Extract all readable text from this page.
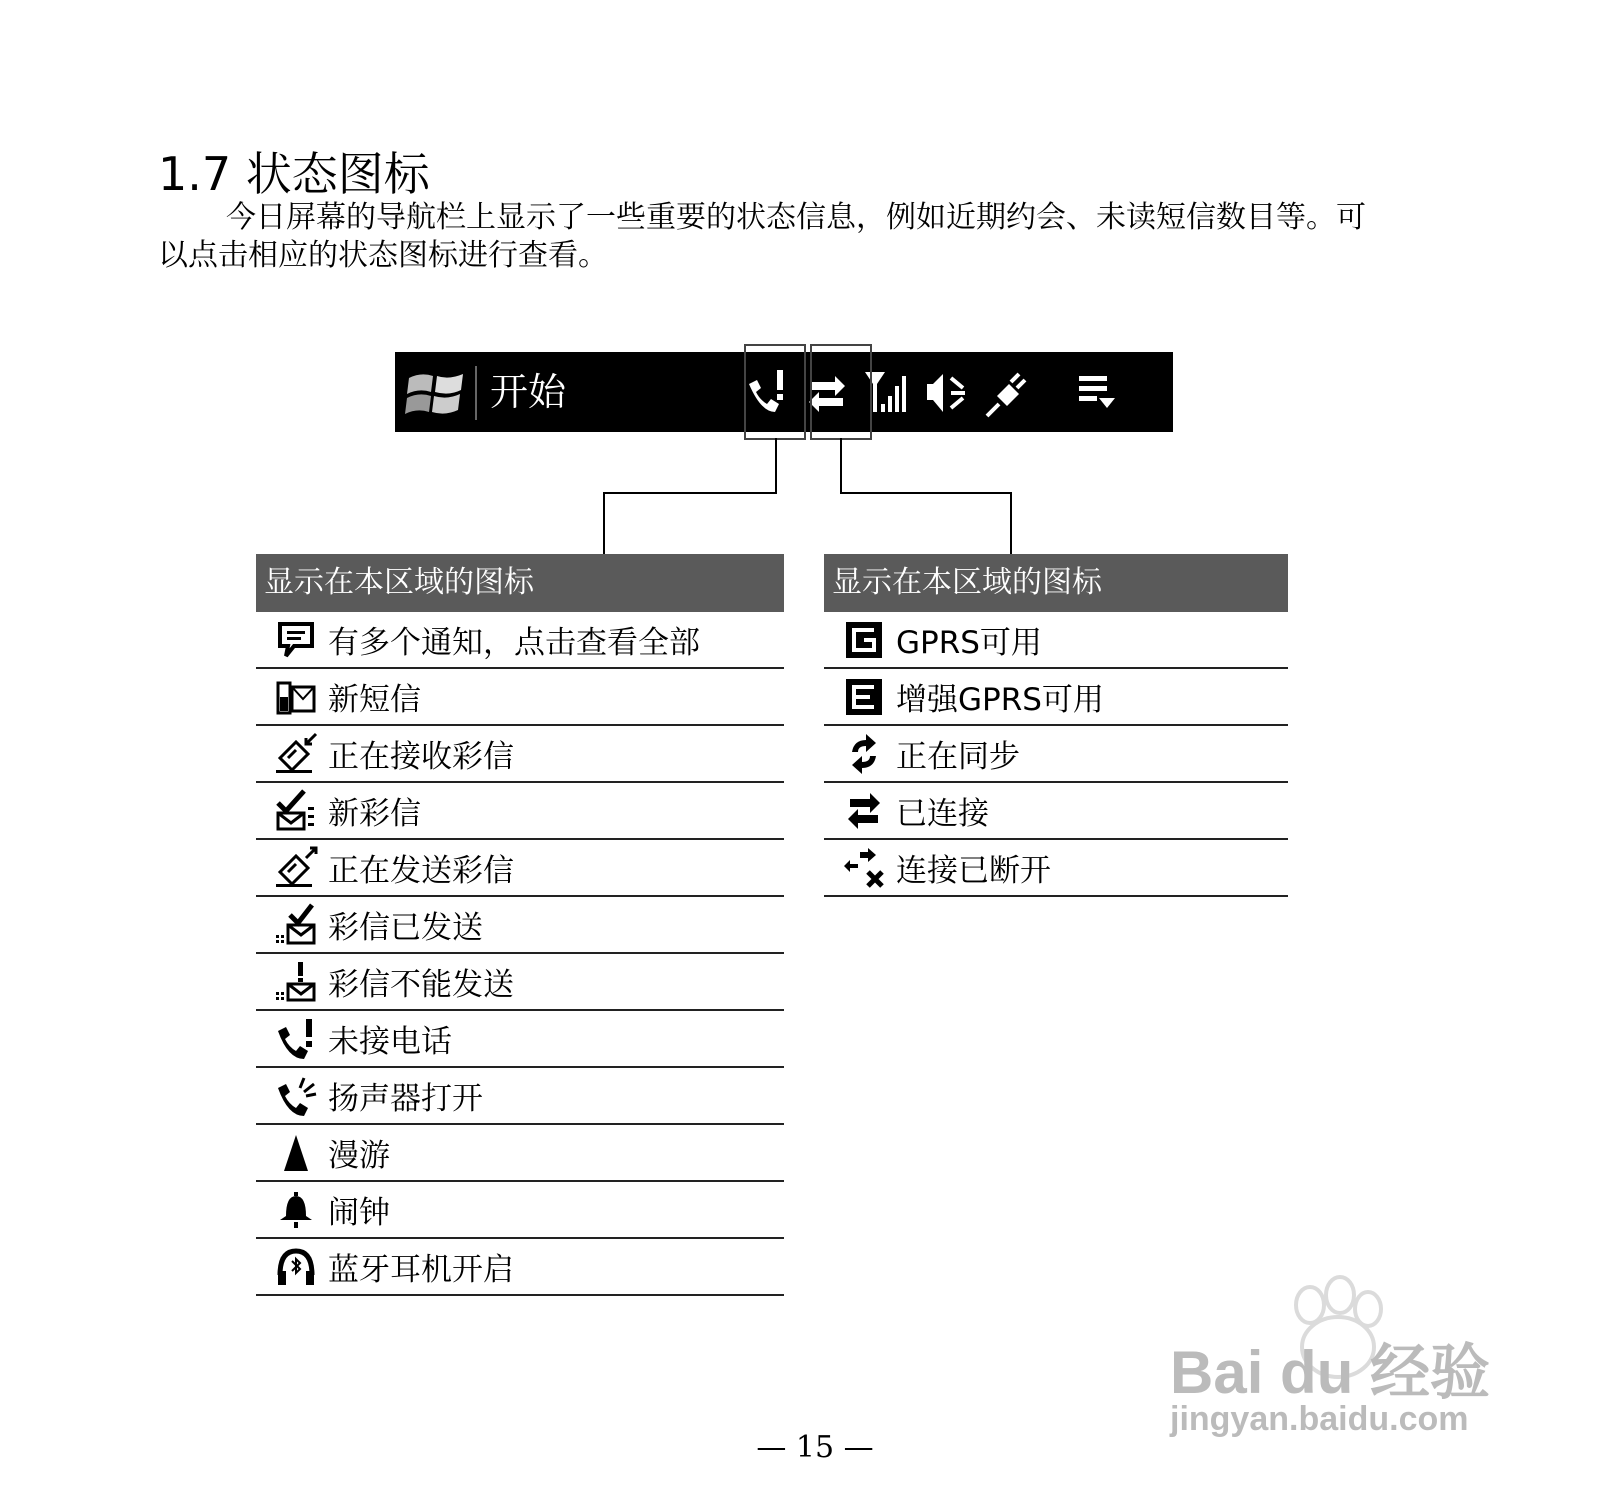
1.7 状态图标
今日屏幕的导航栏上显示了一些重要的状态信息，例如近期约会、未读短信数目等。可
以点击相应的状态图标进行查看。
开始
显示在本区域的图标
有多个通知，点击查看全部
新短信
正在接收彩信
新彩信
正在发送彩信
彩信已发送
彩信不能发送
未接电话
扬声器打开
漫游
闹钟
蓝牙耳机开启
显示在本区域的图标
GPRS可用
增强GPRS可用
正在同步
已连接
连接已断开
Bai du 经验
jingyan.baidu.com
— 15 —
